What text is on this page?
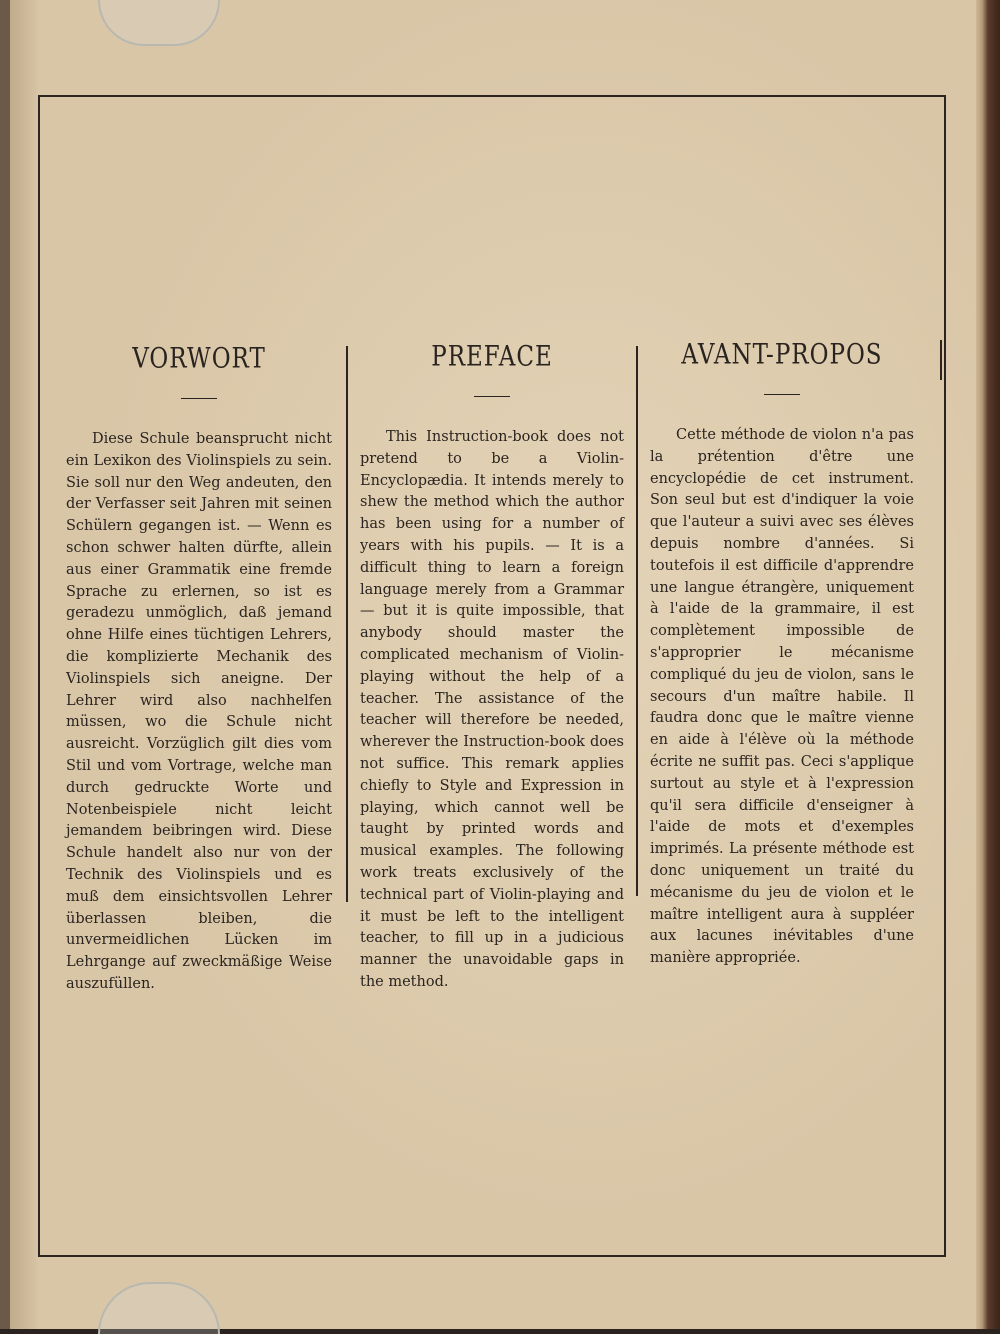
VORWORT

Diese Schule beansprucht nicht ein Lexikon des Violinspiels zu sein. Sie soll nur den Weg andeuten, den der Verfasser seit Jahren mit seinen Schülern gegangen ist. — Wenn es schon schwer halten dürfte, allein aus einer Grammatik eine fremde Sprache zu erlernen, so ist es geradezu unmöglich, daß jemand ohne Hilfe eines tüchtigen Lehrers, die komplizierte Mechanik des Violinspiels sich aneigne. Der Lehrer wird also nachhelfen müssen, wo die Schule nicht ausreicht. Vorzüglich gilt dies vom Stil und vom Vortrage, welche man durch gedruckte Worte und Notenbeispiele nicht leicht jemandem beibringen wird. Diese Schule handelt also nur von der Technik des Violinspiels und es muß dem einsichtsvollen Lehrer überlassen bleiben, die unvermeidlichen Lücken im Lehrgange auf zweckmäßige Weise auszufüllen.

PREFACE

This Instruction-book does not pretend to be a Violin-Encyclopædia. It intends merely to shew the method which the author has been using for a number of years with his pupils. — It is a difficult thing to learn a foreign language merely from a Grammar — but it is quite impossible, that anybody should master the complicated mechanism of Violin-playing without the help of a teacher. The assistance of the teacher will therefore be needed, wherever the Instruction-book does not suffice. This remark applies chiefly to Style and Expression in playing, which cannot well be taught by printed words and musical examples. The following work treats exclusively of the technical part of Violin-playing and it must be left to the intelligent teacher, to fill up in a judicious manner the unavoidable gaps in the method.

AVANT-PROPOS

Cette méthode de violon n'a pas la prétention d'être une encyclopédie de cet instrument. Son seul but est d'indiquer la voie que l'auteur a suivi avec ses élèves depuis nombre d'années. Si toutefois il est difficile d'apprendre une langue étrangère, uniquement à l'aide de la grammaire, il est complètement impossible de s'approprier le mécanisme compliqué du jeu de violon, sans le secours d'un maître habile. Il faudra donc que le maître vienne en aide à l'élève où la méthode écrite ne suffit pas. Ceci s'applique surtout au style et à l'expression qu'il sera difficile d'enseigner à l'aide de mots et d'exemples imprimés. La présente méthode est donc uniquement un traité du mécanisme du jeu de violon et le maître intelligent aura à suppléer aux lacunes inévitables d'une manière appropriée.
